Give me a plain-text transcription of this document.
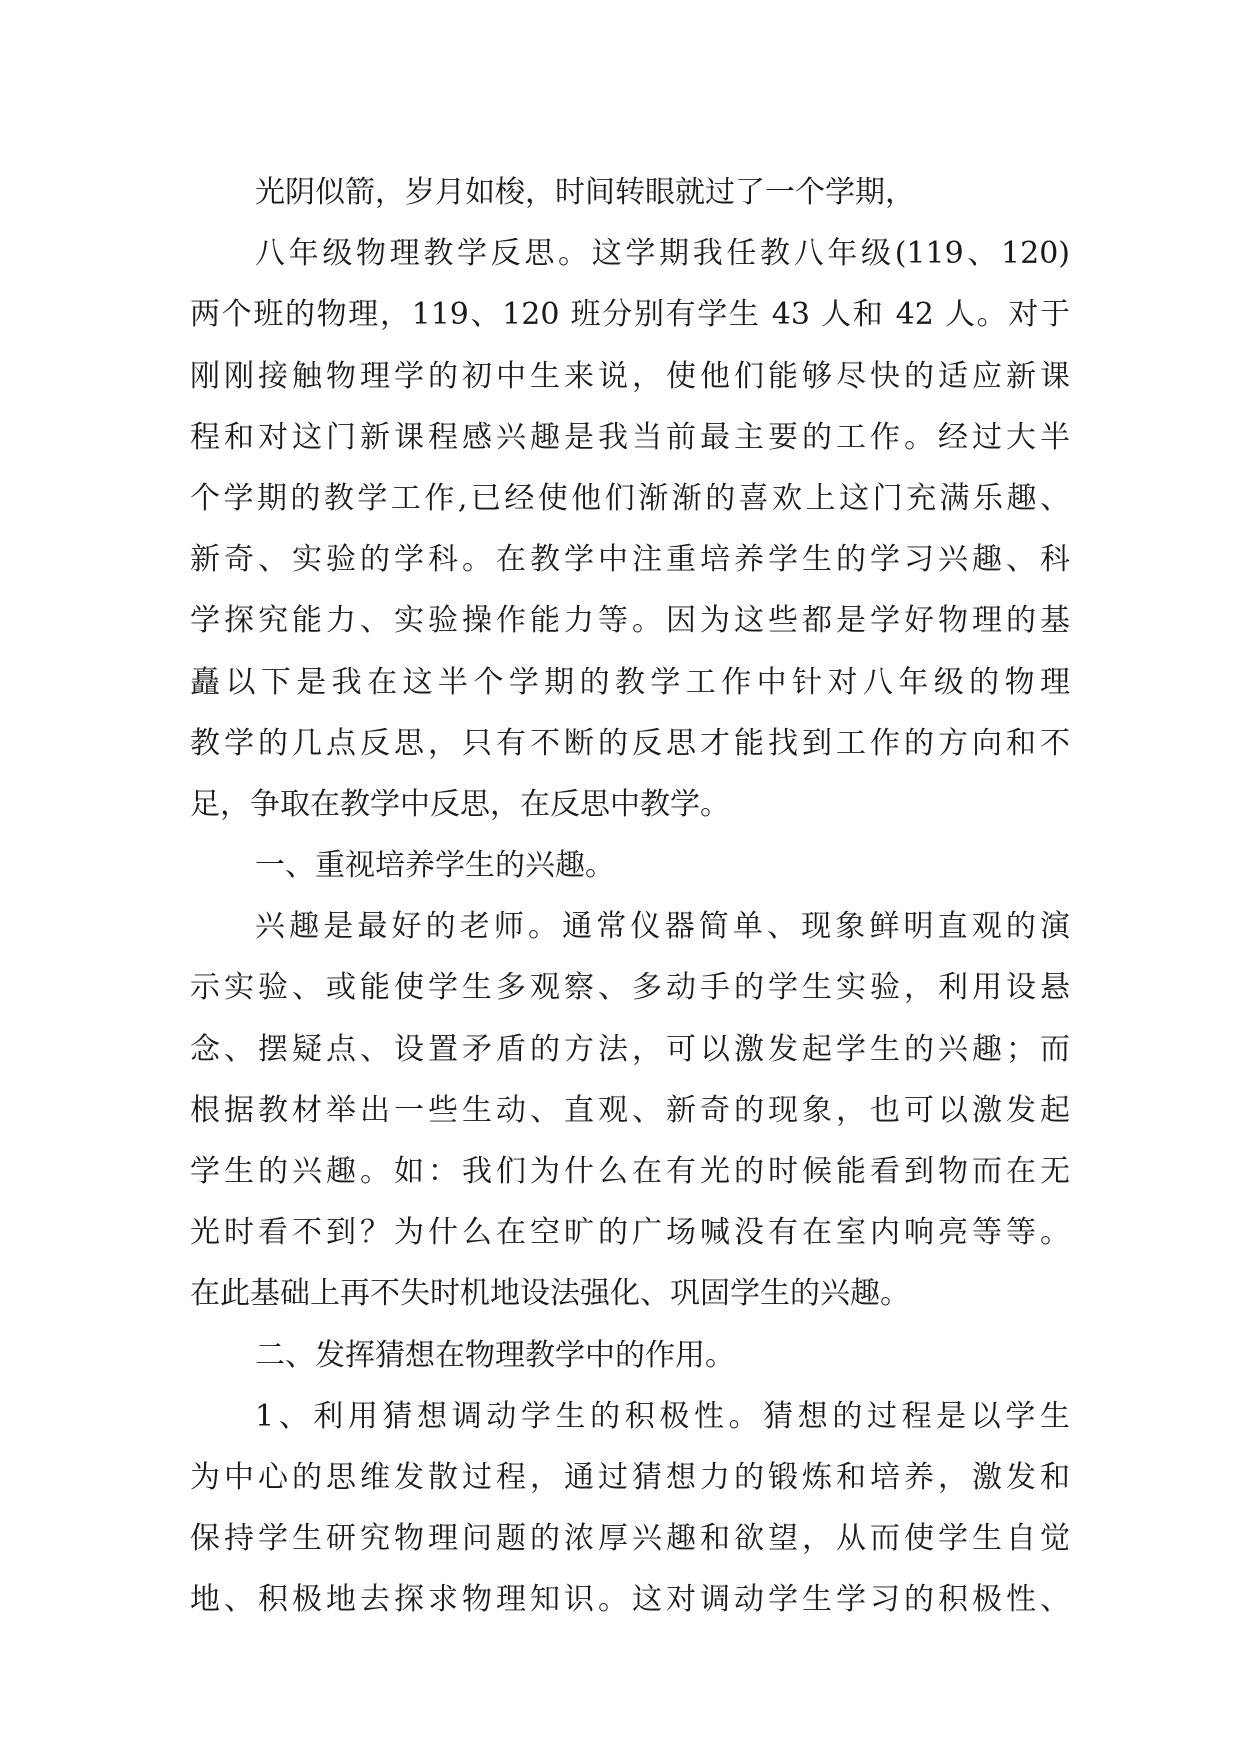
光阴似箭，岁月如梭，时间转眼就过了一个学期，
八年级物理教学反思。这学期我任教八年级(119、120)
两个班的物理，119、120 班分别有学生 43 人和 42 人。对于
刚刚接触物理学的初中生来说，使他们能够尽快的适应新课
程和对这门新课程感兴趣是我当前最主要的工作。经过大半
个学期的教学工作,已经使他们渐渐的喜欢上这门充满乐趣、
新奇、实验的学科。在教学中注重培养学生的学习兴趣、科
学探究能力、实验操作能力等。因为这些都是学好物理的基
矗以下是我在这半个学期的教学工作中针对八年级的物理
教学的几点反思，只有不断的反思才能找到工作的方向和不
足，争取在教学中反思，在反思中教学。
一、重视培养学生的兴趣。
兴趣是最好的老师。通常仪器简单、现象鲜明直观的演
示实验、或能使学生多观察、多动手的学生实验，利用设悬
念、摆疑点、设置矛盾的方法，可以激发起学生的兴趣；而
根据教材举出一些生动、直观、新奇的现象，也可以激发起
学生的兴趣。如：我们为什么在有光的时候能看到物而在无
光时看不到？为什么在空旷的广场喊没有在室内响亮等等。
在此基础上再不失时机地设法强化、巩固学生的兴趣。
二、发挥猜想在物理教学中的作用。
1、利用猜想调动学生的积极性。猜想的过程是以学生
为中心的思维发散过程，通过猜想力的锻炼和培养，激发和
保持学生研究物理问题的浓厚兴趣和欲望，从而使学生自觉
地、积极地去探求物理知识。这对调动学生学习的积极性、
